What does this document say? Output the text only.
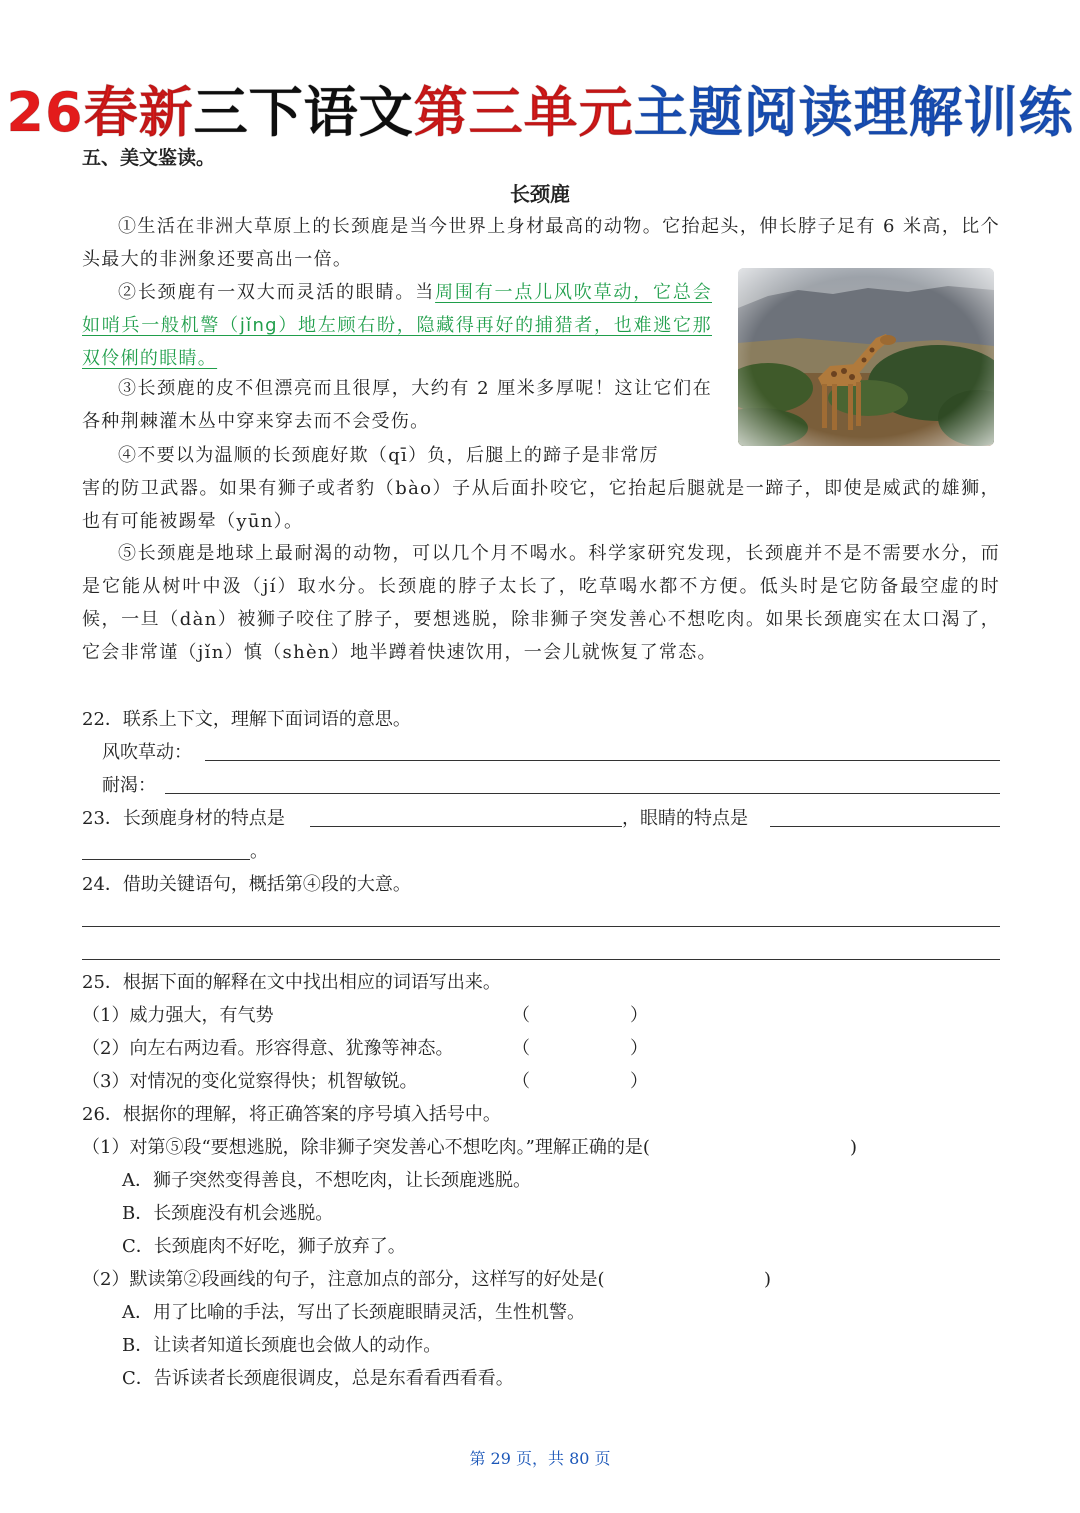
26春新三下语文第三单元主题阅读理解训练
五、美文鉴读。
长颈鹿

①生活在非洲大草原上的长颈鹿是当今世界上身材最高的动物。它抬起头，伸长脖子足有 6 米高，比个头最大的非洲象还要高出一倍。

②长颈鹿有一双大而灵活的眼睛。当周围有一点儿风吹草动，它总会如哨兵一般机警（jǐng）地左顾右盼，隐藏得再好的捕猎者，也难逃它那双伶俐的眼睛。

③长颈鹿的皮不但漂亮而且很厚，大约有 2 厘米多厚呢！这让它们在各种荆棘灌木丛中穿来穿去而不会受伤。

④不要以为温顺的长颈鹿好欺（qī）负，后腿上的蹄子是非常厉

害的防卫武器。如果有狮子或者豹（bào）子从后面扑咬它，它抬起后腿就是一蹄子，即使是威武的雄狮，也有可能被踢晕（yūn）。

⑤长颈鹿是地球上最耐渴的动物，可以几个月不喝水。科学家研究发现，长颈鹿并不是不需要水分，而是它能从树叶中汲（jí）取水分。长颈鹿的脖子太长了，吃草喝水都不方便。低头时是它防备最空虚的时候，一旦（dàn）被狮子咬住了脖子，要想逃脱，除非狮子突发善心不想吃肉。如果长颈鹿实在太口渴了，它会非常谨（jǐn）慎（shèn）地半蹲着快速饮用，一会儿就恢复了常态。

22．联系上下文，理解下面词语的意思。

风吹草动：

耐渴：

23．长颈鹿身材的特点是	，眼睛的特点是

。

24．借助关键语句，概括第④段的大意。

25．根据下面的解释在文中找出相应的词语写出来。

（1）威力强大，有气势	（	）

（2）向左右两边看。形容得意、犹豫等神态。	（	）

（3）对情况的变化觉察得快；机智敏锐。	（	）

26．根据你的理解，将正确答案的序号填入括号中。

（1）对第⑤段“要想逃脱，除非狮子突发善心不想吃肉。”理解正确的是(	)

A．狮子突然变得善良，不想吃肉，让长颈鹿逃脱。

B．长颈鹿没有机会逃脱。

C．长颈鹿肉不好吃，狮子放弃了。

（2）默读第②段画线的句子，注意加点的部分，这样写的好处是(	)

A．用了比喻的手法，写出了长颈鹿眼睛灵活，生性机警。

B．让读者知道长颈鹿也会做人的动作。

C．告诉读者长颈鹿很调皮，总是东看看西看看。

第 29 页，共 80 页
